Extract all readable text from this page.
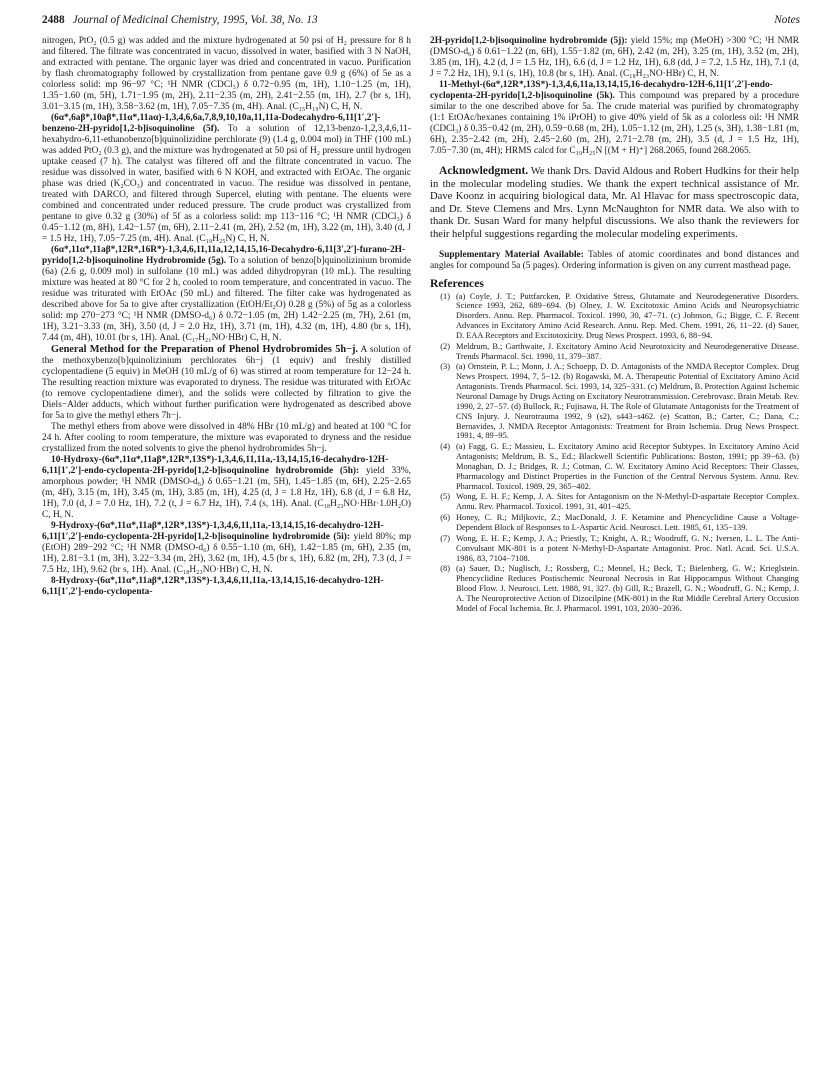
2488 Journal of Medicinal Chemistry, 1995, Vol. 38, No. 13	Notes

nitrogen, PtO₂ (0.5 g) was added and the mixture hydrogenated at 50 psi of H₂ pressure for 8 h and filtered. The filtrate was concentrated in vacuo, dissolved in water, basified with 3 N NaOH, and extracted with pentane. The organic layer was dried and concentrated in vacuo. Purification by flash chromatography followed by crystallization from pentane gave 0.9 g (6%) of 5e as a colorless solid: mp 96−97 °C; ¹H NMR (CDCl₃) δ 0.72−0.95 (m, 1H), 1.10−1.25 (m, 1H), 1.35−1.60 (m, 5H), 1.71−1.95 (m, 2H), 2.11−2.35 (m, 2H), 2.41−2.55 (m, 1H), 2.7 (br s, 1H), 3.01−3.15 (m, 1H), 3.58−3.62 (m, 1H), 7.05−7.35 (m, 4H). Anal. (C₁₅H₁₉N) C, H, N.

(6α*,6aβ*,10aβ*,11α*,11aα)-1,3,4,6,6a,7,8,9,10,10a,11,11a-Dodecahydro-6,11[1′,2′]-benzeno-2H-pyrido[1,2-b]isoquinoline (5f). To a solution of 12,13-benzo-1,2,3,4,6,11-hexahydro-6,11-ethanobenzo[b]quinolizidine perchlorate (9) (1.4 g, 0.004 mol) in THF (100 mL) was added PtO₂ (0.3 g), and the mixture was hydrogenated at 50 psi of H₂ pressure until hydrogen uptake ceased (7 h). The catalyst was filtered off and the filtrate concentrated in vacuo. The residue was dissolved in water, basified with 6 N KOH, and extracted with EtOAc. The organic phase was dried (K₂CO₃) and concentrated in vacuo. The residue was dissolved in pentane, treated with DARCO, and filtered through Supercel, eluting with pentane. The eluents were combined and concentrated under reduced pressure. The crude product was crystallized from pentane to give 0.32 g (30%) of 5f as a colorless solid: mp 113−116 °C; ¹H NMR (CDCl₃) δ 0.45−1.12 (m, 8H), 1.42−1.57 (m, 6H), 2.11−2.41 (m, 2H), 2.52 (m, 1H), 3.22 (m, 1H), 3.40 (d, J = 1.5 Hz, 1H), 7.05−7.25 (m, 4H). Anal. (C₁₉H₂₅N) C, H, N.

(6α*,11α*,11aβ*,12R*,16R*)-1,3,4,6,11,11a,12,14,15,16-Decahydro-6,11[3′,2′]-furano-2H-pyrido[1,2-b]isoquinoline Hydrobromide (5g). To a solution of benzo[b]quinolizinium bromide (6a) (2.6 g, 0.009 mol) in sulfolane (10 mL) was added dihydropyran (10 mL). The resulting mixture was heated at 80 °C for 2 h, cooled to room temperature, and concentrated in vacuo. The residue was triturated with EtOAc (50 mL) and filtered. The filter cake was hydrogenated as described above for 5a to give after crystallization (EtOH/Et₂O) 0.28 g (5%) of 5g as a colorless solid: mp 270−273 °C; ¹H NMR (DMSO-d₆) δ 0.72−1.05 (m, 2H) 1.42−2.25 (m, 7H), 2.61 (m, 1H), 3.21−3.33 (m, 3H), 3.50 (d, J = 2.0 Hz, 1H), 3.71 (m, 1H), 4.32 (m, 1H), 4.80 (br s, 1H), 7.44 (m, 4H), 10.01 (br s, 1H). Anal. (C₁₇H₂₁NO·HBr) C, H, N.

General Method for the Preparation of Phenol Hydrobromides 5h−j. A solution of the methoxybenzo[b]quinolizinium perchlorates 6h−j (1 equiv) and freshly distilled cyclopentadiene (5 equiv) in MeOH (10 mL/g of 6) was stirred at room temperature for 12−24 h. The resulting reaction mixture was evaporated to dryness. The residue was triturated with EtOAc (to remove cyclopentadiene dimer), and the solids were collected by filtration to give the Diels−Alder adducts, which without further purification were hydrogenated as described above for 5a to give the methyl ethers 7h−j.

The methyl ethers from above were dissolved in 48% HBr (10 mL/g) and heated at 100 °C for 24 h. After cooling to room temperature, the mixture was evaporated to dryness and the residue crystallized from the noted solvents to give the phenol hydrobromides 5h−j.

10-Hydroxy-(6α*,11α*,11aβ*,12R*,13S*)-1,3,4,6,11,11a,-13,14,15,16-decahydro-12H-6,11[1′,2′]-endo-cyclopenta-2H-pyrido[1,2-b]isoquinoline hydrobromide (5h): yield 33%, amorphous powder; ¹H NMR (DMSO-d₆) δ 0.65−1.21 (m, 5H), 1.45−1.85 (m, 6H), 2.25−2.65 (m, 4H), 3.15 (m, 1H), 3.45 (m, 1H), 3.85 (m, 1H), 4.25 (d, J = 1.8 Hz, 1H), 6.8 (d, J = 6.8 Hz, 1H), 7.0 (d, J = 7.0 Hz, 1H), 7.2 (t, J = 6.7 Hz, 1H), 7.4 (s, 1H). Anal. (C₁₈H₂₃NO·HBr·1.0H₂O) C, H, N.

9-Hydroxy-(6α*,11α*,11aβ*,12R*,13S*)-1,3,4,6,11,11a,-13,14,15,16-decahydro-12H-6,11[1′,2′]-endo-cyclopenta-2H-pyrido[1,2-b]isoquinoline hydrobromide (5i): yield 80%; mp (EtOH) 289−292 °C; ¹H NMR (DMSO-d₆) δ 0.55−1.10 (m, 6H), 1.42−1.85 (m, 6H), 2.35 (m, 1H), 2.81−3.1 (m, 3H), 3.22−3.34 (m, 2H), 3.62 (m, 1H), 4.5 (br s, 1H), 6.82 (m, 2H), 7.3 (d, J = 7.5 Hz, 1H), 9.62 (br s, 1H). Anal. (C₁₈H₂₃NO·HBr) C, H, N.

8-Hydroxy-(6α*,11α*,11aβ*,12R*,13S*)-1,3,4,6,11,11a,-13,14,15,16-decahydro-12H-6,11[1′,2′]-endo-cyclopenta-

2H-pyrido[1,2-b]isoquinoline hydrobromide (5j): yield 15%; mp (MeOH) >300 °C; ¹H NMR (DMSO-d₆) δ 0.61−1.22 (m, 6H), 1.55−1.82 (m, 6H), 2.42 (m, 2H), 3.25 (m, 1H), 3.52 (m, 2H), 3.85 (m, 1H), 4.2 (d, J = 1.5 Hz, 1H), 6.6 (d, J = 1.2 Hz, 1H), 6.8 (dd, J = 7.2, 1.5 Hz, 1H), 7.1 (d, J = 7.2 Hz, 1H), 9.1 (s, 1H), 10.8 (br s, 1H). Anal. (C₁₈H₂₃NO·HBr) C, H, N.

11-Methyl-(6α*,12R*,13S*)-1,3,4,6,11a,13,14,15,16-decahydro-12H-6,11[1′,2′]-endo-cyclopenta-2H-pyrido[1,2-b]isoquinoline (5k). This compound was prepared by a procedure similar to the one described above for 5a. The crude material was purified by chromatography (1:1 EtOAc/hexanes containing 1% iPrOH) to give 40% yield of 5k as a colorless oil: ¹H NMR (CDCl₃) δ 0.35−0.42 (m, 2H), 0.59−0.68 (m, 2H), 1.05−1.12 (m, 2H), 1.25 (s, 3H), 1.38−1.81 (m, 6H), 2.35−2.42 (m, 2H), 2.45−2.60 (m, 2H), 2.71−2.78 (m, 2H), 3.5 (d, J = 1.5 Hz, 1H), 7.05−7.30 (m, 4H); HRMS calcd for C₁₉H₂₅N [(M + H)⁺] 268.2065, found 268.2065.

Acknowledgment. We thank Drs. David Aldous and Robert Hudkins for their help in the molecular modeling studies. We thank the expert technical assistance of Mr. Dave Koonz in acquiring biological data, Mr. Al Hlavac for mass spectroscopic data, and Dr. Steve Clemens and Mrs. Lynn McNaughton for NMR data. We also with to thank Dr. Susan Ward for many helpful discussions. We also thank the reviewers for their helpful suggestions regarding the molecular modeling experiments.

Supplementary Material Available: Tables of atomic coordinates and bond distances and angles for compound 5a (5 pages). Ordering information is given on any current masthead page.

References
(1) (a) Coyle, J. T.; Puttfarcken, P. Oxidative Stress, Glutamate and Neurodegenerative Disorders. Science 1993, 262, 689−694. (b) Olney, J. W. Excitotoxic Amino Acids and Neuropsychiatric Disorders. Annu. Rep. Pharmacol. Toxicol. 1990, 30, 47−71. (c) Johnson, G.; Bigge, C. F. Recent Advances in Excitatory Amino Acid Research. Annu. Rep. Med. Chem. 1991, 26, 11−22. (d) Sauer, D. EAA Receptors and Excitotoxicity. Drug News Prospect. 1993, 6, 88−94.
(2) Meldrum, B.; Garthwaite, J. Excitatory Amino Acid Neurotoxicity and Neurodegenerative Disease. Trends Pharmacol. Sci. 1990, 11, 379−387.
(3) (a) Ornstein, P. L.; Monn, J. A.; Schoepp, D. D. Antagonists of the NMDA Receptor Complex. Drug News Prospect. 1994, 7, 5−12. (b) Rogawski, M. A. Therapeutic Potential of Excitatory Amino Acid Antagonists. Trends Pharmacol. Sci. 1993, 14, 325−331. (c) Meldrum, B. Protection Against Ischemic Neuronal Damage by Drugs Acting on Excitatory Neurotransmission. Cerebrovasc. Brain Metab. Rev. 1990, 2, 27−57. (d) Bullock, R.; Fujisawa, H. The Role of Glutamate Antagonists for the Treatment of CNS Injury. J. Neurotrauma 1992, 9 (s2), s443−s462. (e) Scatton, B.; Carter, C.; Dana, C.; Bernavides, J. NMDA Receptor Antagonists: Treatment for Brain Ischemia. Drug News Prospect. 1991, 4, 89−95.
(4) (a) Fagg, G. E.; Massieu, L. Excitatory Amino acid Receptor Subtypes. In Excitatory Amino Acid Antagonists; Meldrum, B. S., Ed.; Blackwell Scientific Publications: Boston, 1991; pp 39−63. (b) Monaghan, D. J.; Bridges, R. J.; Cotman, C. W. Excitatory Amino Acid Receptors: Their Classes, Pharmacology and Distinct Properties in the Function of the Central Nervous System. Annu. Rev. Pharmacol. Toxicol. 1989, 29, 365−402.
(5) Wong, E. H. F.; Kemp, J. A. Sites for Antagonism on the N-Methyl-D-aspartate Receptor Complex. Annu. Rev. Pharmacol. Toxicol. 1991, 31, 401−425.
(6) Honey, C. R.; Miljkovic, Z.; MacDonald, J. F. Ketamine and Phencyclidine Cause a Voltage-Dependent Block of Responses to L-Aspartic Acid. Neurosci. Lett. 1985, 61, 135−139.
(7) Wong, E. H. F.; Kemp, J. A.; Priestly, T.; Knight, A. R.; Woodruff, G. N.; Iversen, L. L. The Anti-Convulsant MK-801 is a potent N-Methyl-D-Aspartate Antagonist. Proc. Natl. Acad. Sci. U.S.A. 1986, 83, 7104−7108.
(8) (a) Sauer, D.; Nuglisch, J.; Rossberg, C.; Mennel, H.; Beck, T.; Bielenberg, G. W.; Krieglstein. Phencyclidine Reduces Postischemic Neuronal Necrosis in Rat Hippocampus Without Changing Blood Flow. J. Neurosci. Lett. 1988, 91, 327. (b) Gill, R.; Brazell, G. N.; Woodruff, G. N.; Kemp, J. A. The Neuroprotective Action of Dizocilpine (MK-801) in the Rat Middle Cerebral Artery Occusion Model of Focal Ischemia. Br. J. Pharmacol. 1991, 103, 2030−2036.
